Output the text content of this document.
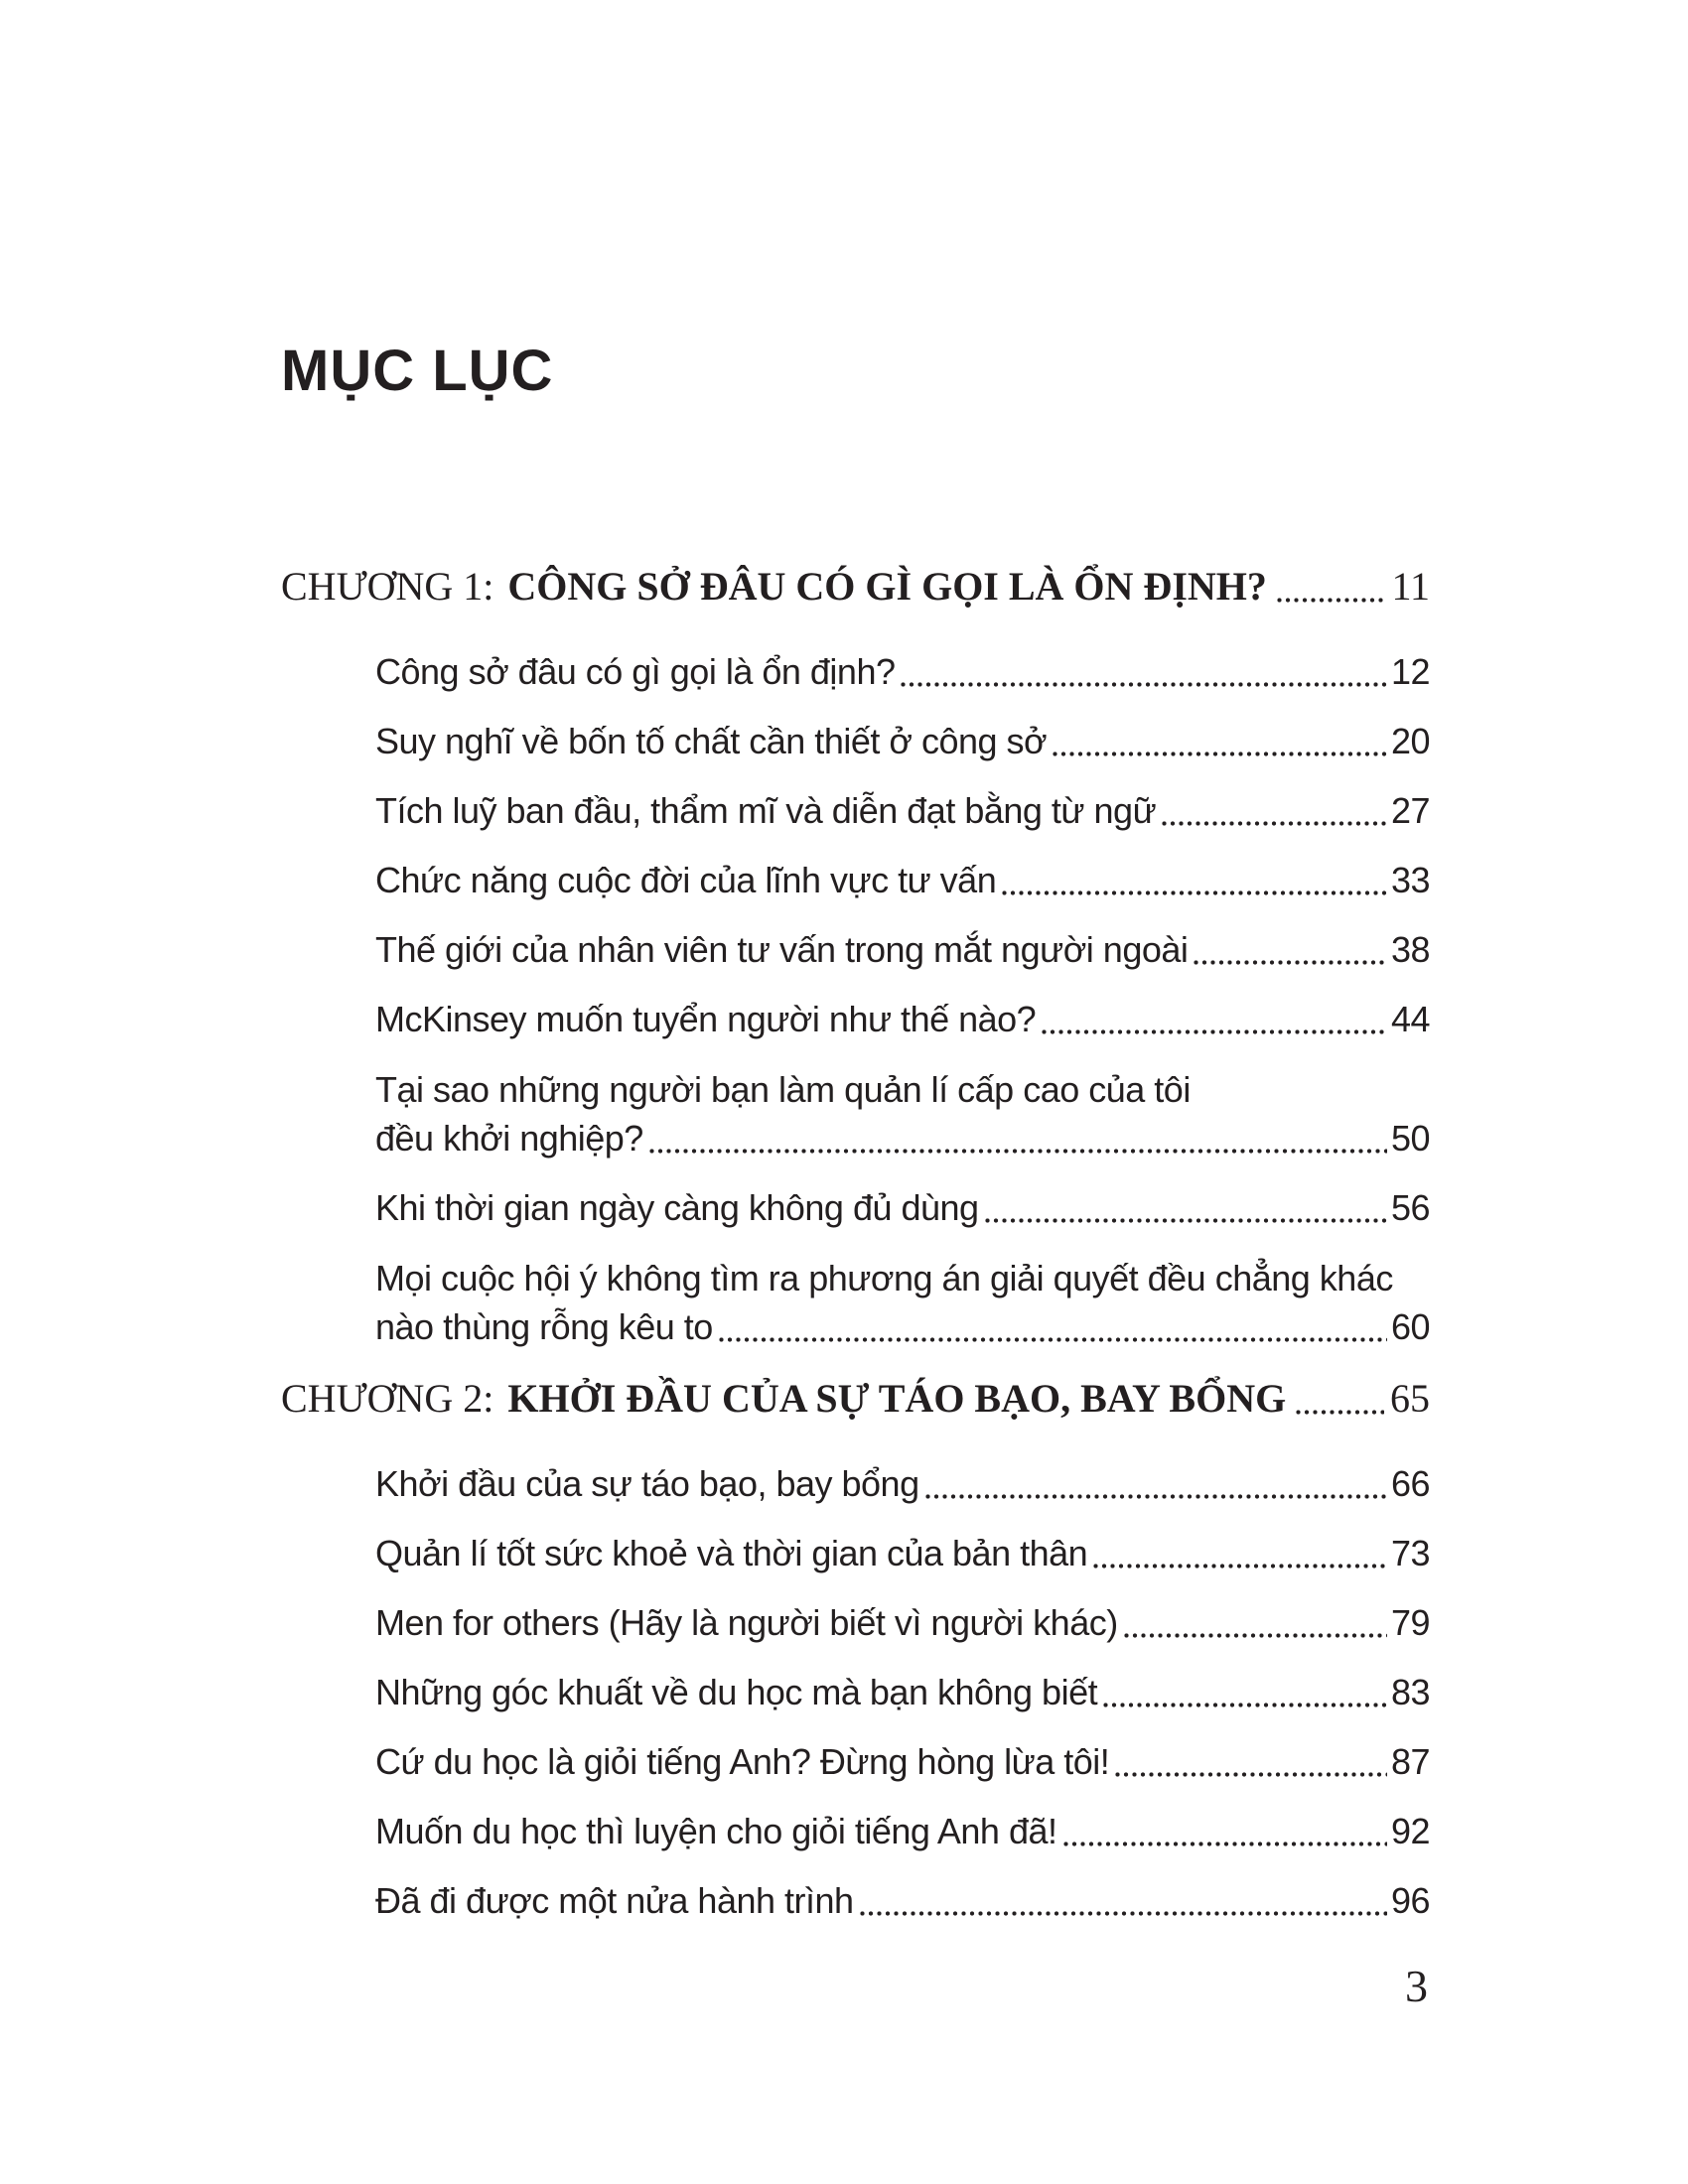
MỤC LỤC
CHƯƠNG 1: CÔNG SỞ ĐÂU CÓ GÌ GỌI LÀ ỔN ĐỊNH?	11
Công sở đâu có gì gọi là ổn định?	12
Suy nghĩ về bốn tố chất cần thiết ở công sở	20
Tích luỹ ban đầu, thẩm mĩ và diễn đạt bằng từ ngữ	27
Chức năng cuộc đời của lĩnh vực tư vấn	33
Thế giới của nhân viên tư vấn trong mắt người ngoài	38
McKinsey muốn tuyển người như thế nào?	44
Tại sao những người bạn làm quản lí cấp cao của tôi
đều khởi nghiệp?	50
Khi thời gian ngày càng không đủ dùng	56
Mọi cuộc hội ý không tìm ra phương án giải quyết đều chẳng khác
nào thùng rỗng kêu to	60
CHƯƠNG 2: KHỞI ĐẦU CỦA SỰ TÁO BẠO, BAY BỔNG	65
Khởi đầu của sự táo bạo, bay bổng	66
Quản lí tốt sức khoẻ và thời gian của bản thân	73
Men for others (Hãy là người biết vì người khác)	79
Những góc khuất về du học mà bạn không biết	83
Cứ du học là giỏi tiếng Anh? Đừng hòng lừa tôi!	87
Muốn du học thì luyện cho giỏi tiếng Anh đã!	92
Đã đi được một nửa hành trình	96
3
